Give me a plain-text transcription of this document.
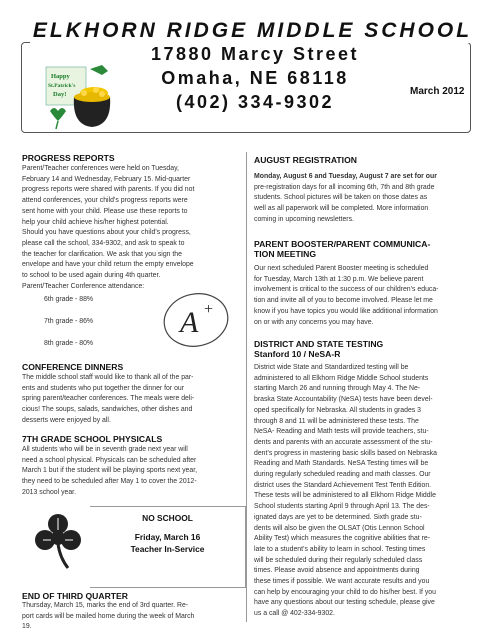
ELKHORN RIDGE MIDDLE SCHOOL
17880 Marcy Street
Omaha, NE 68118
(402) 334-9302
March 2012
Happy
St.Patrick's
Day!
PROGRESS REPORTS

Parent/Teacher conferences were held on Tuesday,

February 14 and Wednesday, February 15. Mid-quarter

progress reports were shared with parents. If you did not

attend conferences, your child’s progress reports were

sent home with your child. Please use these reports to

help your child achieve his/her highest potential.

Should you have questions about your child’s progress,

please call the school, 334-9302, and ask to speak to

the teacher for clarification. We ask that you sign the

envelope and have your child return the empty envelope

to school to be used again during 4th quarter.

Parent/Teacher Conference attendance:

6th grade - 88%
7th grade - 86%
8th grade - 80%
A +
CONFERENCE DINNERS

The middle school staff would like to thank all of the par-

ents and students who put together the dinner for our

spring parent/teacher conferences. The meals were deli-

cious! The soups, salads, sandwiches, other dishes and

desserts were enjoyed by all.

7TH GRADE SCHOOL PHYSICALS

All students who will be in seventh grade next year will

need a school physical. Physicals can be scheduled after

March 1 but if the student will be playing sports next year,

they need to be scheduled after May 1 to cover the 2012-

2013 school year.

NO SCHOOL
Friday, March 16
Teacher In-Service
END OF THIRD QUARTER

Thursday, March 15, marks the end of 3rd quarter. Re-

port cards will be mailed home during the week of March

19.

AUGUST REGISTRATION

Monday, August 6 and Tuesday, August 7 are set for our

pre-registration days for all incoming 6th, 7th and 8th grade

students. School pictures will be taken on those dates as

well as all paperwork will be completed. More information

coming in upcoming newsletters.

PARENT BOOSTER/PARENT COMMUNICA-
TION MEETING

Our next scheduled Parent Booster meeting is scheduled

for Tuesday, March 13th at 1:30 p.m. We believe parent

involvement is critical to the success of our children’s educa-

tion and invite all of you to become involved. Please let me

know if you have topics you would like additional information

on or with any concerns you may have.

DISTRICT AND STATE TESTING
Stanford 10 / NeSA-R

District wide State and Standardized testing will be

administered to all Elkhorn Ridge Middle School students

starting March 26 and running through May 4. The Ne-

braska State Accountability (NeSA) tests have been devel-

oped specifically for Nebraska. All students in grades 3

through 8 and 11 will be administered these tests. The

NeSA- Reading and Math tests will provide teachers, stu-

dents and parents with an accurate assessment of the stu-

dent’s progress in mastering basic skills based on Nebraska

Reading and Math Standards. NeSA Testing times will be

during regularly scheduled reading and math classes. Our

district uses the Standard Achievement Test Tenth Edition.

These tests will be administered to all Elkhorn Ridge Middle

School students starting April 9 through April 13. The des-

ignated days are yet to be determined. Sixth grade stu-

dents will also be given the OLSAT (Otis Lennon School

Ability Test) which measures the cognitive abilities that re-

late to a student’s ability to learn in school. Testing times

will be scheduled during their regularly scheduled class

times. Please avoid absence and appointments during

these times if possible. We want accurate results and you

can help by encouraging your child to do his/her best. If you

have any questions about our testing schedule, please give

us a call @ 402-334-9302.
